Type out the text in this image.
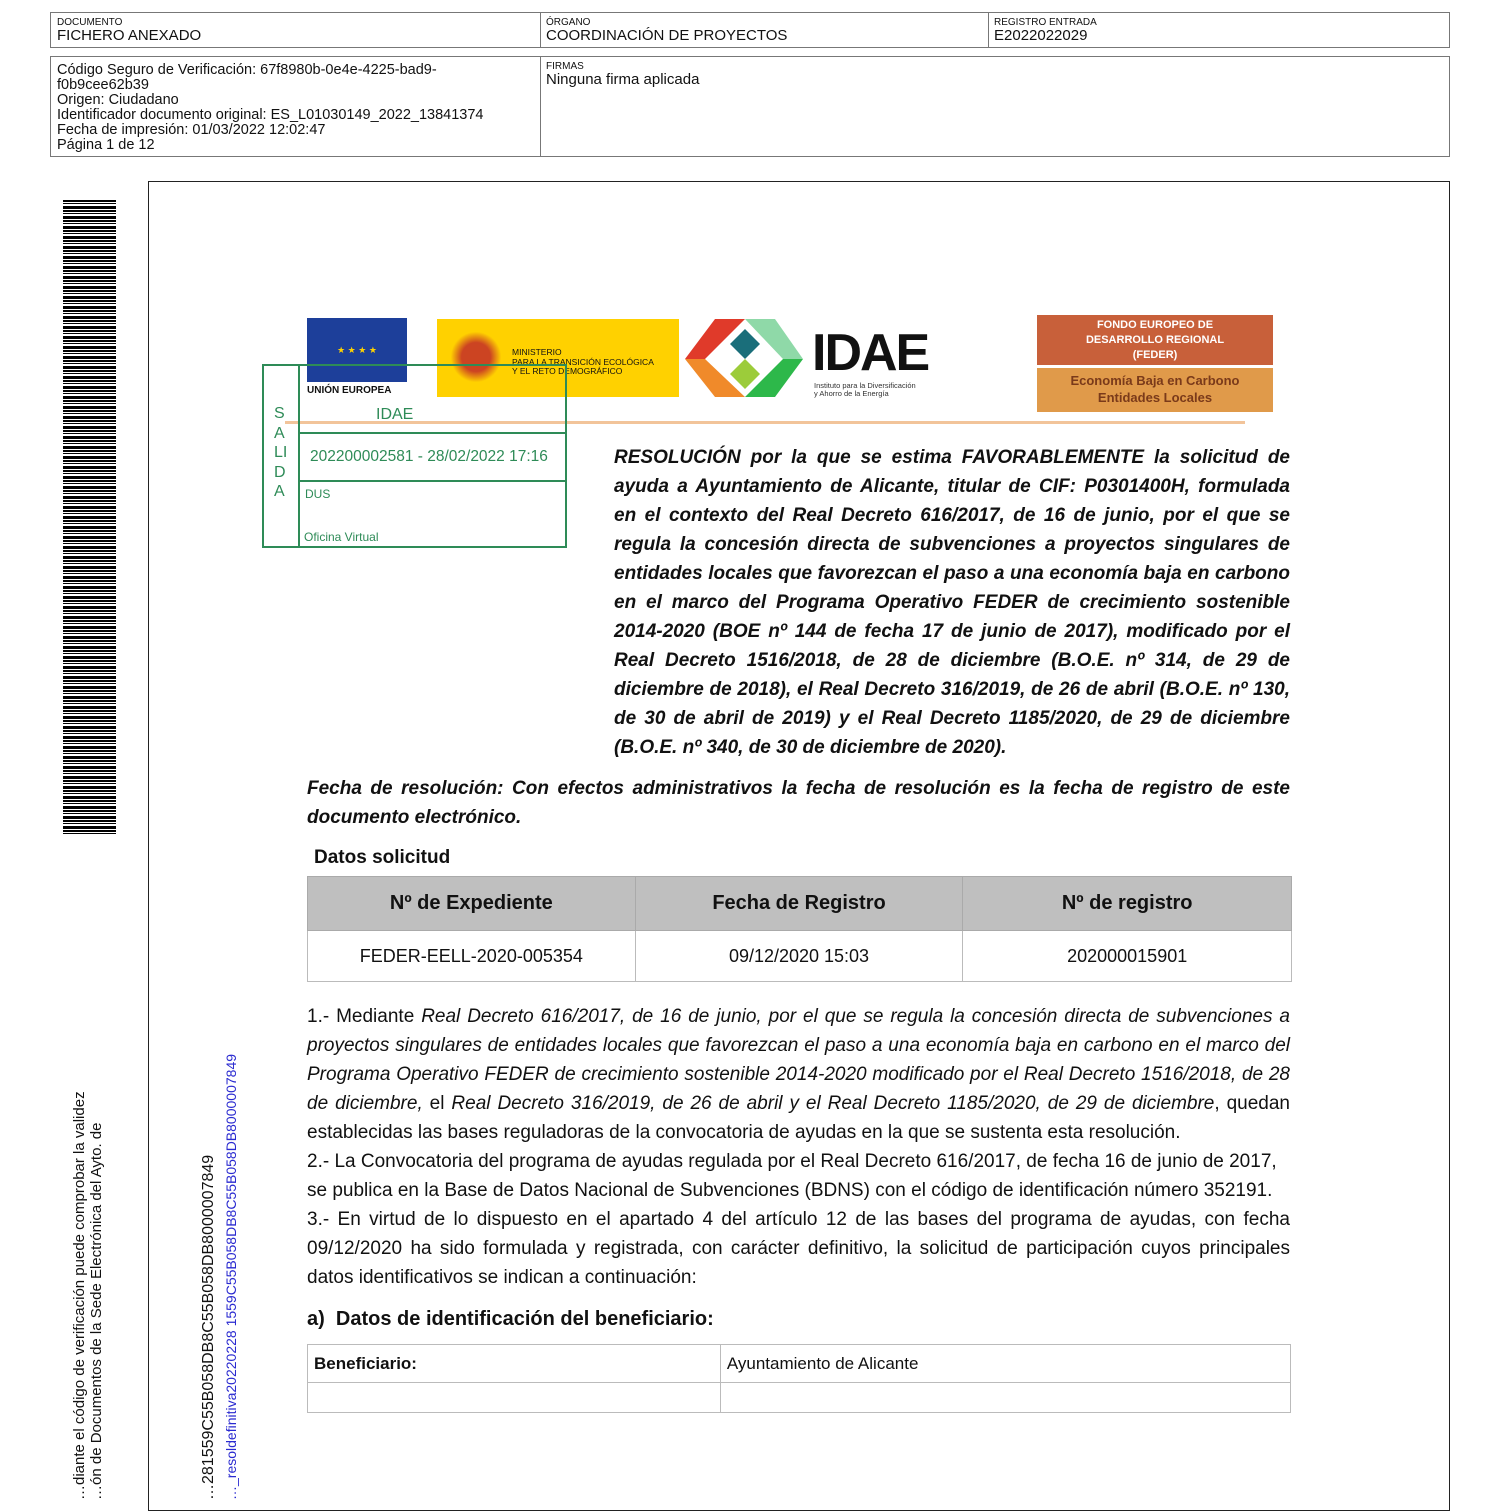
DOCUMENTO
FICHERO ANEXADO
ÓRGANO
COORDINACIÓN DE PROYECTOS
REGISTRO ENTRADA
E2022022029
Código Seguro de Verificación: 67f8980b-0e4e-4225-bad9-
f0b9cee62b39
Origen: Ciudadano
Identificador documento original: ES_L01030149_2022_13841374
Fecha de impresión: 01/03/2022 12:02:47
Página 1 de 12
FIRMAS
Ninguna firma aplicada
…diante el código de verificación puede comprobar la validez …ón de Documentos de la Sede Electrónica del Ayto. de	…281559C55B058DB8C55B058DB8000007849 …_resoldefinitiva20220228 1559C55B058DB8C55B058DB8000007849
★ ★ ★ ★
UNIÓN EUROPEA
MINISTERIO
PARA LA TRANSICIÓN ECOLÓGICA
Y EL RETO DEMOGRÁFICO	IDAE
Instituto para la Diversificación
y Ahorro de la Energía
FONDO EUROPEO DE
DESARROLLO REGIONAL
(FEDER)
Economía Baja en Carbono
Entidades Locales
IDAE
SALIDA
202200002581 - 28/02/2022 17:16
DUS
Oficina Virtual
RESOLUCIÓN por la que se estima FAVORABLEMENTE la solicitud de ayuda a Ayuntamiento de Alicante, titular de CIF: P0301400H, formulada en el contexto del Real Decreto 616/2017, de 16 de junio, por el que se regula la concesión directa de subvenciones a proyectos singulares de entidades locales que favorezcan el paso a una economía baja en carbono en el marco del Programa Operativo FEDER de crecimiento sostenible 2014-2020 (BOE nº 144 de fecha 17 de junio de 2017), modificado por el Real Decreto 1516/2018, de 28 de diciembre (B.O.E. nº 314, de 29 de diciembre de 2018), el Real Decreto 316/2019, de 26 de abril (B.O.E. nº 130, de 30 de abril de 2019) y el Real Decreto 1185/2020, de 29 de diciembre (B.O.E. nº 340, de 30 de diciembre de 2020).
Fecha de resolución: Con efectos administrativos la fecha de resolución es la fecha de registro de este documento electrónico.
Datos solicitud
Nº de Expediente	Fecha de Registro	Nº de registro
FEDER-EELL-2020-005354	09/12/2020 15:03	202000015901
1.- Mediante Real Decreto 616/2017, de 16 de junio, por el que se regula la concesión directa de subvenciones a proyectos singulares de entidades locales que favorezcan el paso a una economía baja en carbono en el marco del Programa Operativo FEDER de crecimiento sostenible 2014-2020 modificado por el Real Decreto 1516/2018, de 28 de diciembre, el Real Decreto 316/2019, de 26 de abril y el Real Decreto 1185/2020, de 29 de diciembre, quedan establecidas las bases reguladoras de la convocatoria de ayudas en la que se sustenta esta resolución.
2.- La Convocatoria del programa de ayudas regulada por el Real Decreto 616/2017, de fecha 16 de junio de 2017, se publica en la Base de Datos Nacional de Subvenciones (BDNS) con el código de identificación número 352191.
3.- En virtud de lo dispuesto en el apartado 4 del artículo 12 de las bases del programa de ayudas, con fecha 09/12/2020 ha sido formulada y registrada, con carácter definitivo, la solicitud de participación cuyos principales datos identificativos se indican a continuación:
a) Datos de identificación del beneficiario:
Beneficiario:	Ayuntamiento de Alicante
